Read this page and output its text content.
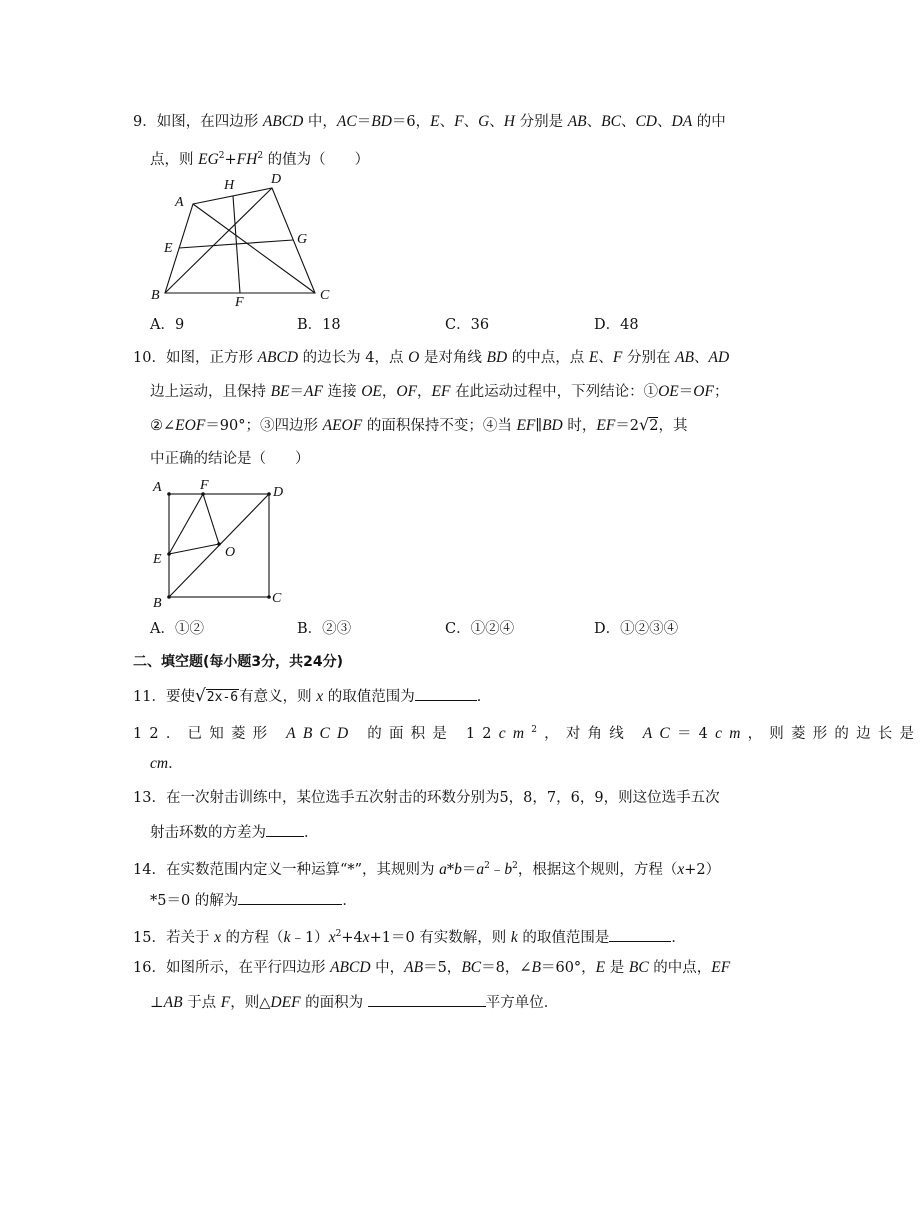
9．如图，在四边形 ABCD 中，AC＝BD＝6，E、F、G、H 分别是 AB、BC、CD、DA 的中
点，则 $EG^2+FH^2$ 的值为（　　）
A
B	C
D
E
F
G
H
A．9	B．18	C．36	D．48
10．如图，正方形 ABCD 的边长为 4，点 O 是对角线 BD 的中点，点 E、F 分别在 AB、AD
边上运动，且保持 BE＝AF 连接 OE，OF，EF 在此运动过程中，下列结论：①OE＝OF；
②∠EOF＝90°；③四边形 AEOF 的面积保持不变；④当 EF∥BD 时，EF＝2√2，其
中正确的结论是（　　）
A
B	C
D
E
F
O
A．①②	B．②③	C．①②④	D．①②③④
二、填空题(每小题3分，共24分)
11．要使√2x-6有意义，则 x 的取值范围为	．
12．已知菱形 ABCD 的面积是 $12cm^2$，对角线 AC＝4cm，则菱形的边长是
cm．
13．在一次射击训练中，某位选手五次射击的环数分别为5，8，7，6，9，则这位选手五次
射击环数的方差为	．
14．在实数范围内定义一种运算“*”，其规则为 $a*b=a^2﹣b^2$，根据这个规则，方程（x+2）
*5＝0 的解为	．
15．若关于 x 的方程$(k﹣1)x^2+4x+1=0$ 有实数解，则 k 的取值范围是	．
16．如图所示，在平行四边形 ABCD 中，AB＝5，BC＝8，∠B＝60°，E 是 BC 的中点，EF
⊥AB 于点 F，则△DEF 的面积为	平方单位．
